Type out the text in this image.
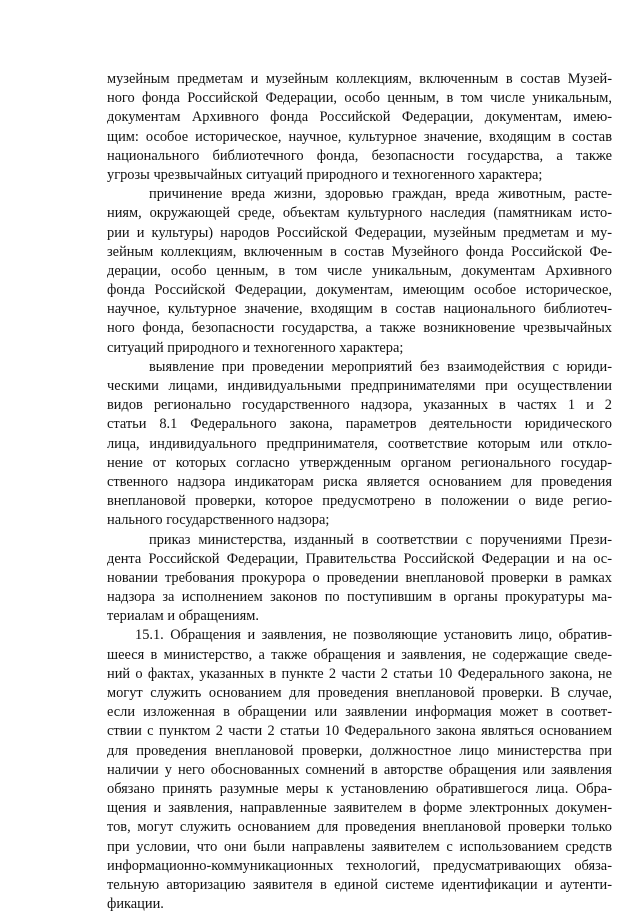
музейным предметам и музейным коллекциям, включенным в состав Музей-
ного фонда Российской Федерации, особо ценным, в том числе уникальным,
документам Архивного фонда Российской Федерации, документам, имею-
щим: особое историческое, научное, культурное значение, входящим в состав
национального библиотечного фонда, безопасности государства, а также
угрозы чрезвычайных ситуаций природного и техногенного характера;
причинение вреда жизни, здоровью граждан, вреда животным, расте-
ниям, окружающей среде, объектам культурного наследия (памятникам исто-
рии и культуры) народов Российской Федерации, музейным предметам и му-
зейным коллекциям, включенным в состав Музейного фонда Российской Фе-
дерации, особо ценным, в том числе уникальным, документам Архивного
фонда Российской Федерации, документам, имеющим особое историческое,
научное, культурное значение, входящим в состав национального библиотеч-
ного фонда, безопасности государства, а также возникновение чрезвычайных
ситуаций природного и техногенного характера;
выявление при проведении мероприятий без взаимодействия с юриди-
ческими лицами, индивидуальными предпринимателями при осуществлении
видов регионально государственного надзора, указанных в частях 1 и 2
статьи 8.1 Федерального закона, параметров деятельности юридического
лица, индивидуального предпринимателя, соответствие которым или откло-
нение от которых согласно утвержденным органом регионального государ-
ственного надзора индикаторам риска является основанием для проведения
внеплановой проверки, которое предусмотрено в положении о виде регио-
нального государственного надзора;
приказ министерства, изданный в соответствии с поручениями Прези-
дента Российской Федерации, Правительства Российской Федерации и на ос-
новании требования прокурора о проведении внеплановой проверки в рамках
надзора за исполнением законов по поступившим в органы прокуратуры ма-
териалам и обращениям.
15.1. Обращения и заявления, не позволяющие установить лицо, обратив-
шееся в министерство, а также обращения и заявления, не содержащие сведе-
ний о фактах, указанных в пункте 2 части 2 статьи 10 Федерального закона, не
могут служить основанием для проведения внеплановой проверки. В случае,
если изложенная в обращении или заявлении информация может в соответ-
ствии с пунктом 2 части 2 статьи 10 Федерального закона являться основанием
для проведения внеплановой проверки, должностное лицо министерства при
наличии у него обоснованных сомнений в авторстве обращения или заявления
обязано принять разумные меры к установлению обратившегося лица. Обра-
щения и заявления, направленные заявителем в форме электронных докумен-
тов, могут служить основанием для проведения внеплановой проверки только
при условии, что они были направлены заявителем с использованием средств
информационно-коммуникационных технологий, предусматривающих обяза-
тельную авторизацию заявителя в единой системе идентификации и аутенти-
фикации.
